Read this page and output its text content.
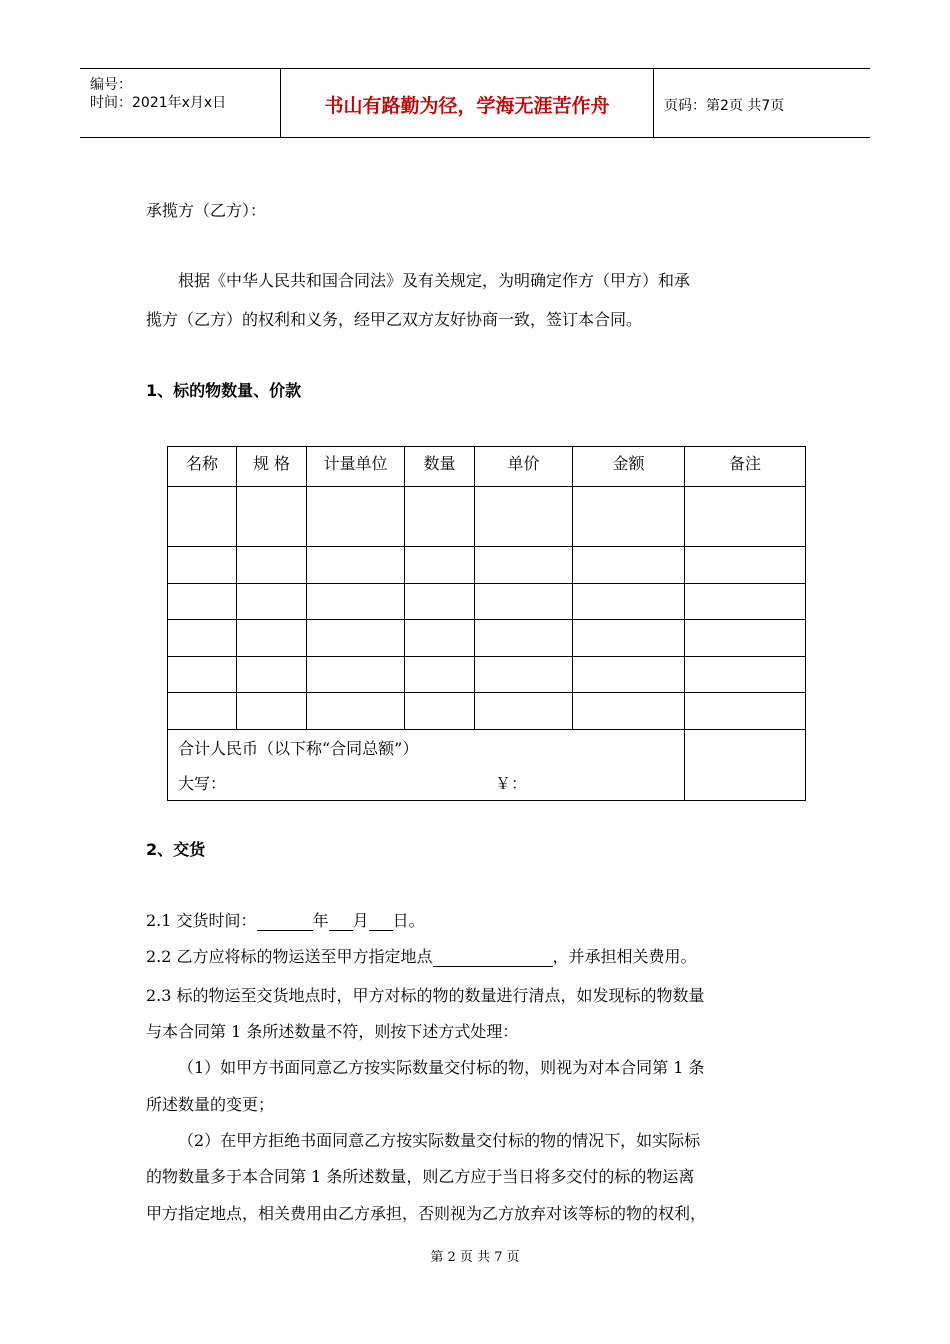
编号：
时间：2021年x月x日	书山有路勤为径，学海无涯苦作舟	页码：第2页 共7页
承揽方（乙方）：
根据《中华人民共和国合同法》及有关规定，为明确定作方（甲方）和承
揽方（乙方）的权利和义务，经甲乙双方友好协商一致，签订本合同。
1、标的物数量、价款
名称	规 格	计量单位	数量	单价	金额	备注

合计人民币（以下称“合同总额”）
大写： ￥：						

2、交货
2.1 交货时间：	年 月 日。
2.2 乙方应将标的物运送至甲方指定地点	，并承担相关费用。
2.3 标的物运至交货地点时，甲方对标的物的数量进行清点，如发现标的物数量
与本合同第 1 条所述数量不符，则按下述方式处理：
（1）如甲方书面同意乙方按实际数量交付标的物，则视为对本合同第 1 条
所述数量的变更；
（2）在甲方拒绝书面同意乙方按实际数量交付标的物的情况下，如实际标
的物数量多于本合同第 1 条所述数量，则乙方应于当日将多交付的标的物运离
甲方指定地点，相关费用由乙方承担，否则视为乙方放弃对该等标的物的权利，
第 2 页 共 7 页
